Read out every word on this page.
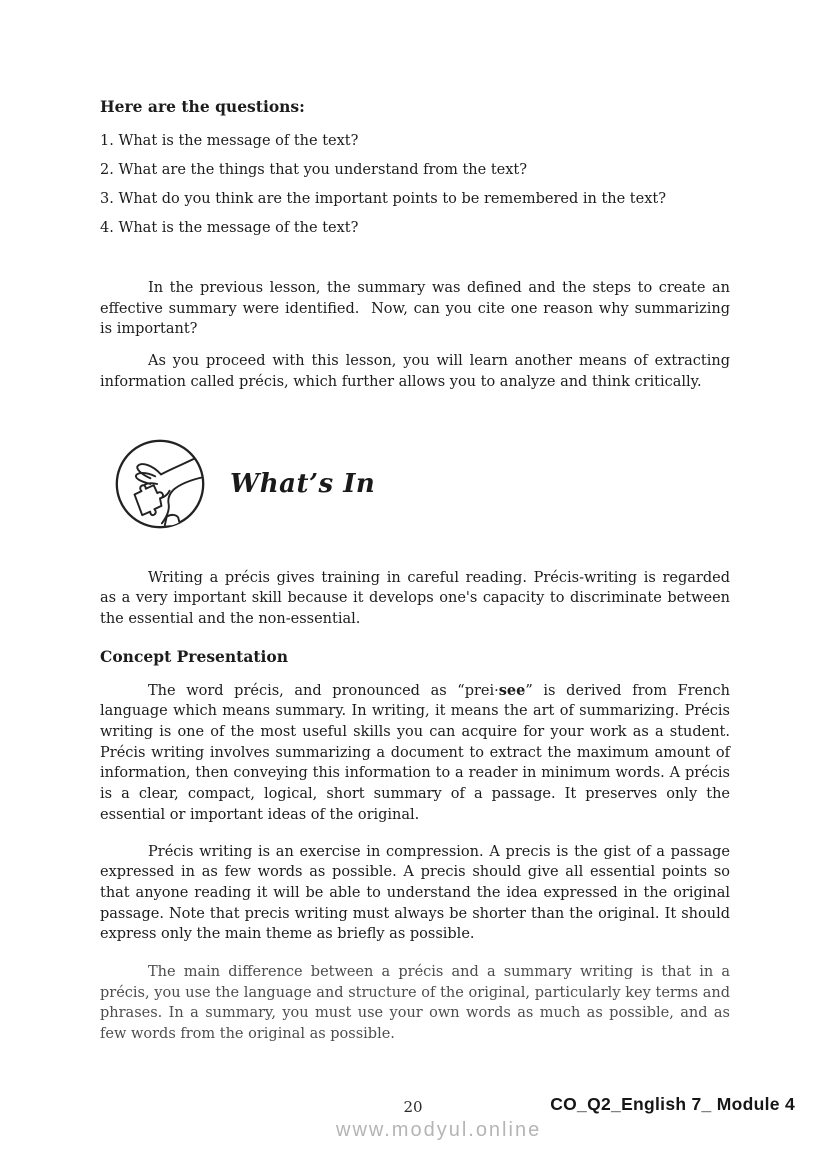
Here are the questions:

1. What is the message of the text?

2. What are the things that you understand from the text?

3. What do you think are the important points to be remembered in the text?

4. What is the message of the text?

In the previous lesson, the summary was defined and the steps to create an effective summary were identified.  Now, can you cite one reason why summarizing is important?

As you proceed with this lesson, you will learn another means of extracting information called précis, which further allows you to analyze and think critically.

What’s In

Writing a précis gives training in careful reading. Précis-writing is regarded as a very important skill because it develops one's capacity to discriminate between the essential and the non-essential.

Concept Presentation

The word précis, and pronounced as “prei·see” is derived from French language which means summary. In writing, it means the art of summarizing. Précis writing is one of the most useful skills you can acquire for your work as a student. Précis writing involves summarizing a document to extract the maximum amount of information, then conveying this information to a reader in minimum words. A précis is a clear, compact, logical, short summary of a passage. It preserves only the essential or important ideas of the original.

Précis writing is an exercise in compression. A precis is the gist of a passage expressed in as few words as possible. A precis should give all essential points so that anyone reading it will be able to understand the idea expressed in the original passage. Note that precis writing must always be shorter than the original. It should express only the main theme as briefly as possible.

The main difference between a précis and a summary writing is that in a précis, you use the language and structure of the original, particularly key terms and phrases. In a summary, you must use your own words as much as possible, and as few words from the original as possible.

20	CO_Q2_English 7_ Module 4
www.modyul.online
